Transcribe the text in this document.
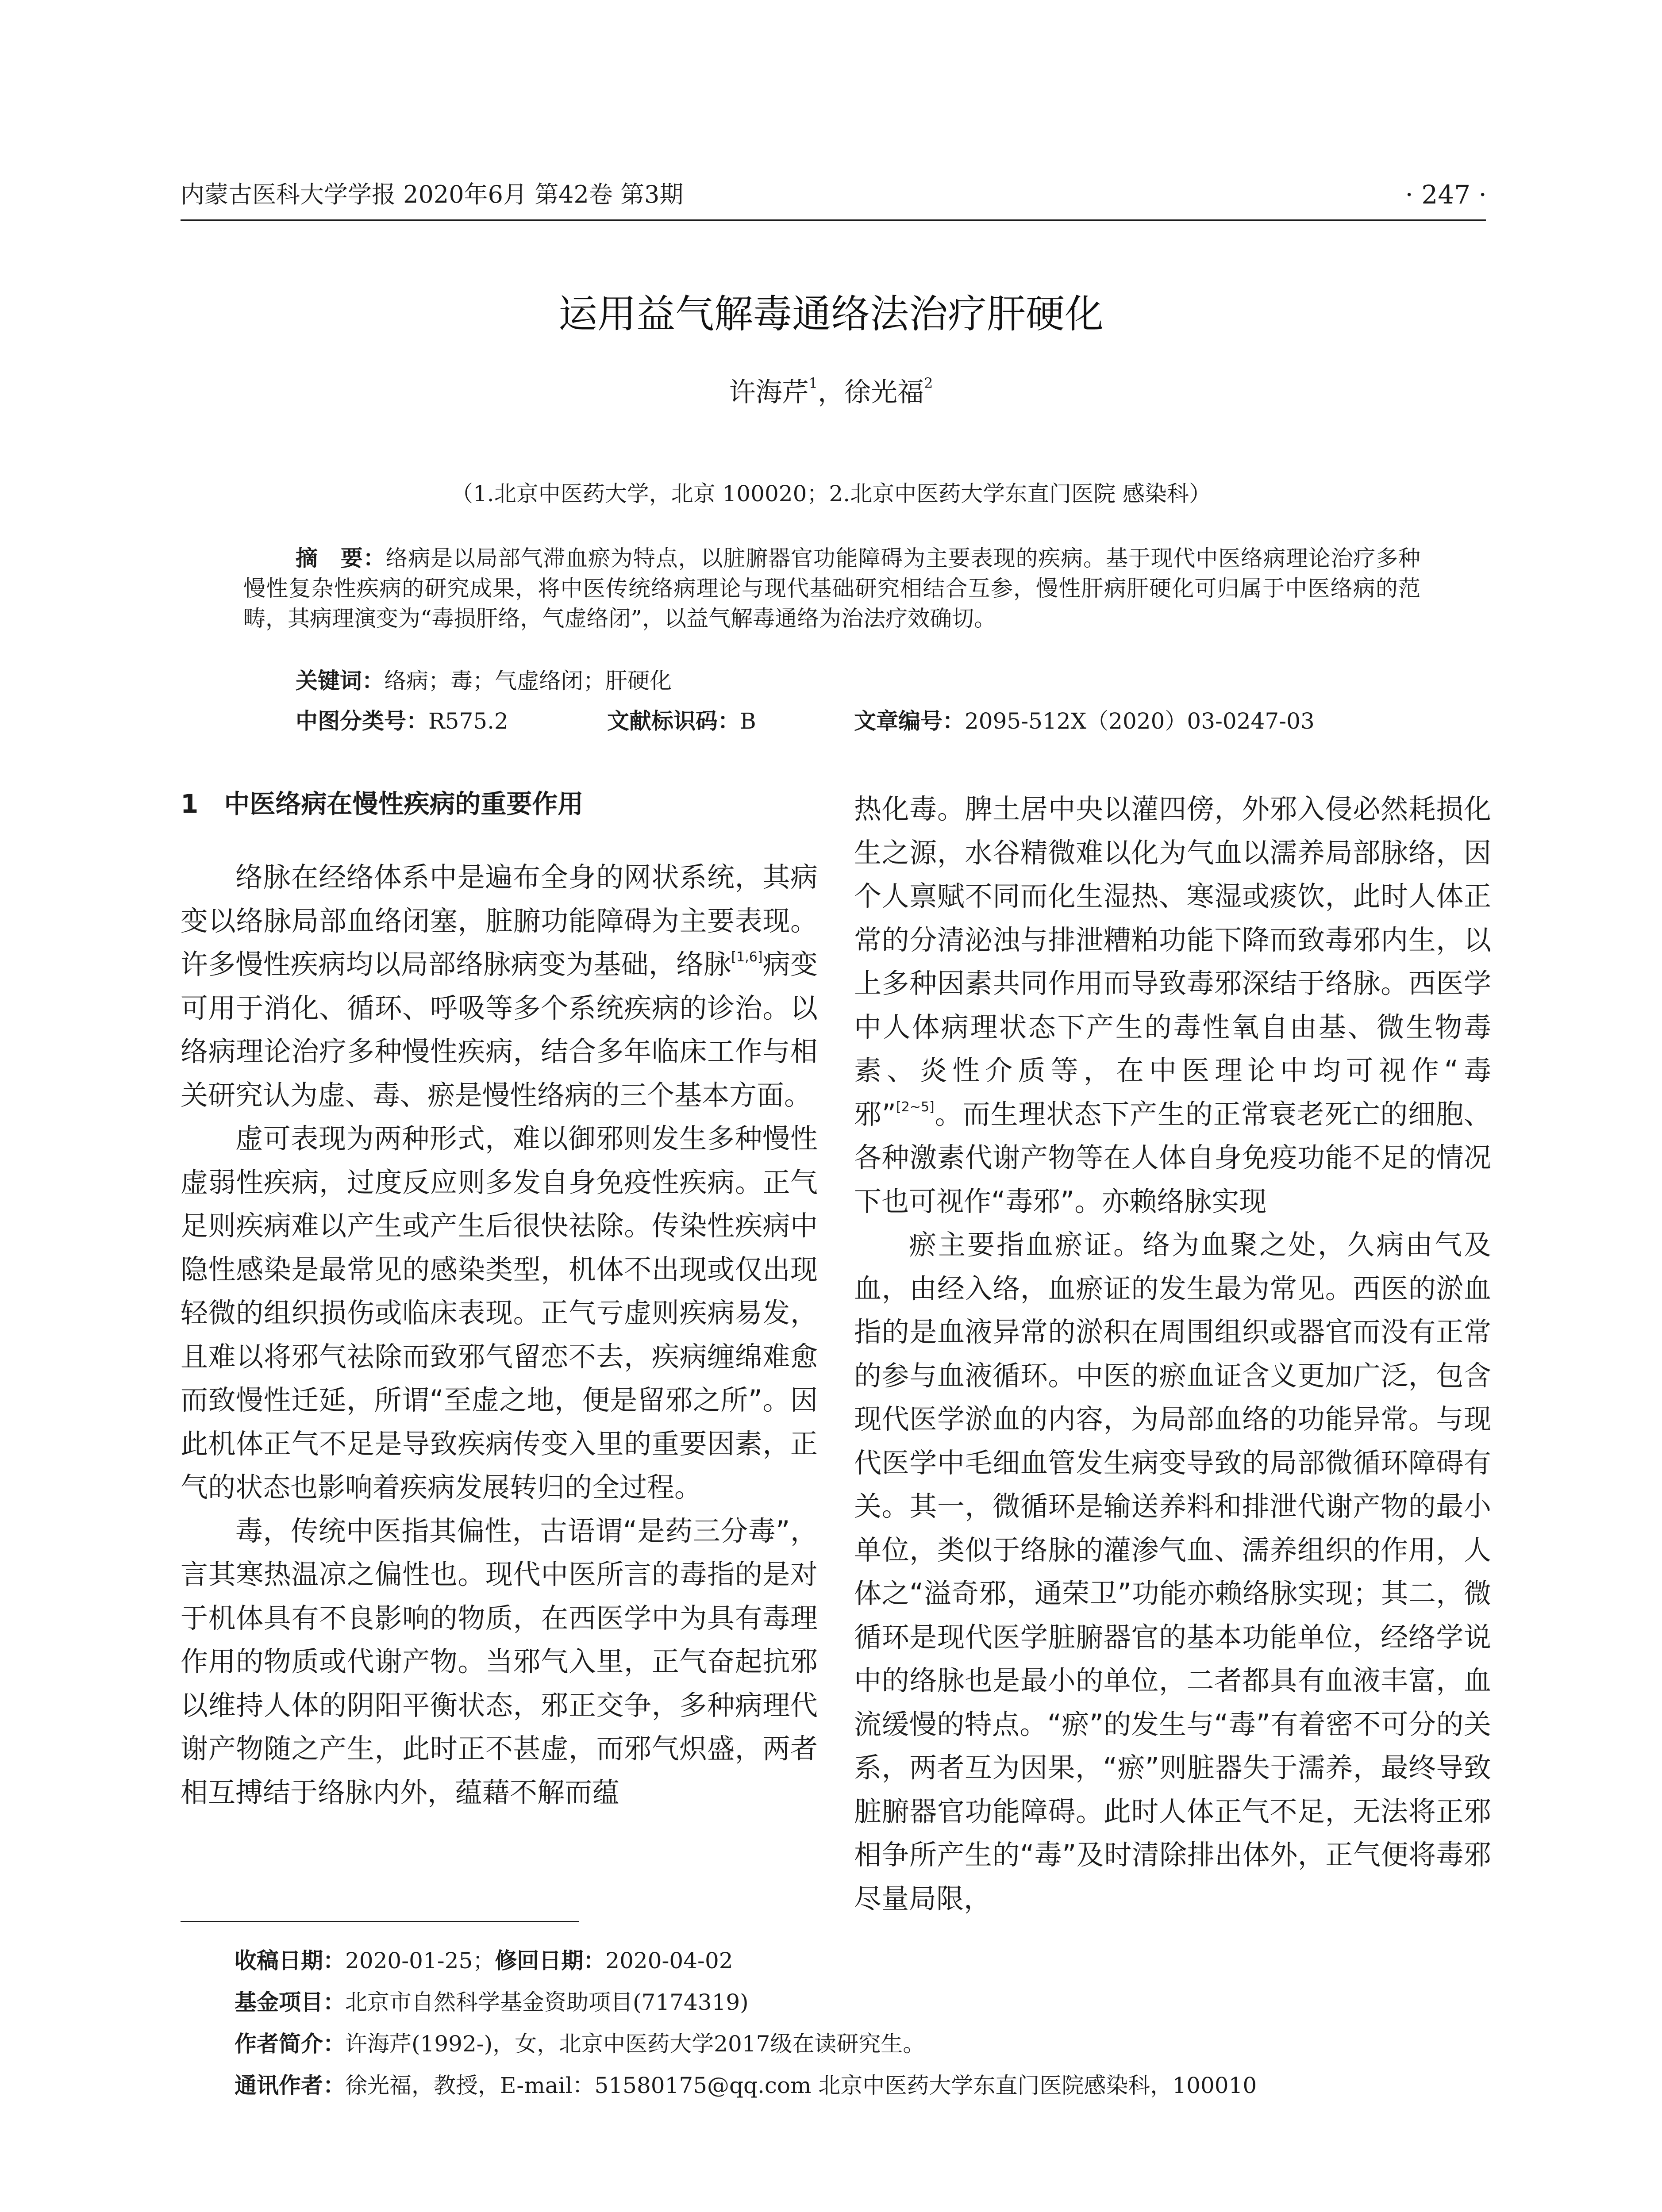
内蒙古医科大学学报 2020年6月 第42卷 第3期	· 247 ·
运用益气解毒通络法治疗肝硬化
许海芹$^1$，徐光福$^2$
（1.北京中医药大学，北京 100020；2.北京中医药大学东直门医院 感染科）
摘　要：络病是以局部气滞血瘀为特点，以脏腑器官功能障碍为主要表现的疾病。基于现代中医络病理论治疗多种慢性复杂性疾病的研究成果，将中医传统络病理论与现代基础研究相结合互参，慢性肝病肝硬化可归属于中医络病的范畴，其病理演变为“毒损肝络，气虚络闭”，以益气解毒通络为治法疗效确切。
关键词：络病；毒；气虚络闭；肝硬化
中图分类号：R575.2	文献标识码：B	文章编号：2095-512X（2020）03-0247-03
1　中医络病在慢性疾病的重要作用

络脉在经络体系中是遍布全身的网状系统，其病变以络脉局部血络闭塞，脏腑功能障碍为主要表现。许多慢性疾病均以局部络脉病变为基础，络脉[1,6]病变可用于消化、循环、呼吸等多个系统疾病的诊治。以络病理论治疗多种慢性疾病，结合多年临床工作与相关研究认为虚、毒、瘀是慢性络病的三个基本方面。

虚可表现为两种形式，难以御邪则发生多种慢性虚弱性疾病，过度反应则多发自身免疫性疾病。正气足则疾病难以产生或产生后很快祛除。传染性疾病中隐性感染是最常见的感染类型，机体不出现或仅出现轻微的组织损伤或临床表现。正气亏虚则疾病易发，且难以将邪气祛除而致邪气留恋不去，疾病缠绵难愈而致慢性迁延，所谓“至虚之地，便是留邪之所”。因此机体正气不足是导致疾病传变入里的重要因素，正气的状态也影响着疾病发展转归的全过程。

毒，传统中医指其偏性，古语谓“是药三分毒”，言其寒热温凉之偏性也。现代中医所言的毒指的是对于机体具有不良影响的物质，在西医学中为具有毒理作用的物质或代谢产物。当邪气入里，正气奋起抗邪以维持人体的阴阳平衡状态，邪正交争，多种病理代谢产物随之产生，此时正不甚虚，而邪气炽盛，两者相互搏结于络脉内外，蕴藉不解而蕴

热化毒。脾土居中央以灌四傍，外邪入侵必然耗损化生之源，水谷精微难以化为气血以濡养局部脉络，因个人禀赋不同而化生湿热、寒湿或痰饮，此时人体正常的分清泌浊与排泄糟粕功能下降而致毒邪内生，以上多种因素共同作用而导致毒邪深结于络脉。西医学中人体病理状态下产生的毒性氧自由基、微生物毒素、炎性介质等，在中医理论中均可视作“毒邪”[2~5]。而生理状态下产生的正常衰老死亡的细胞、各种激素代谢产物等在人体自身免疫功能不足的情况下也可视作“毒邪”。亦赖络脉实现

瘀主要指血瘀证。络为血聚之处，久病由气及血，由经入络，血瘀证的发生最为常见。西医的淤血指的是血液异常的淤积在周围组织或器官而没有正常的参与血液循环。中医的瘀血证含义更加广泛，包含现代医学淤血的内容，为局部血络的功能异常。与现代医学中毛细血管发生病变导致的局部微循环障碍有关。其一，微循环是输送养料和排泄代谢产物的最小单位，类似于络脉的灌渗气血、濡养组织的作用，人体之“溢奇邪，通荣卫”功能亦赖络脉实现；其二，微循环是现代医学脏腑器官的基本功能单位，经络学说中的络脉也是最小的单位，二者都具有血液丰富，血流缓慢的特点。“瘀”的发生与“毒”有着密不可分的关系，两者互为因果，“瘀”则脏器失于濡养，最终导致脏腑器官功能障碍。此时人体正气不足，无法将正邪相争所产生的“毒”及时清除排出体外，正气便将毒邪尽量局限，

收稿日期：2020-01-25；修回日期：2020-04-02
基金项目：北京市自然科学基金资助项目(7174319)
作者简介：许海芹(1992-)，女，北京中医药大学2017级在读研究生。
通讯作者：徐光福，教授，E-mail：51580175@qq.com 北京中医药大学东直门医院感染科，100010
